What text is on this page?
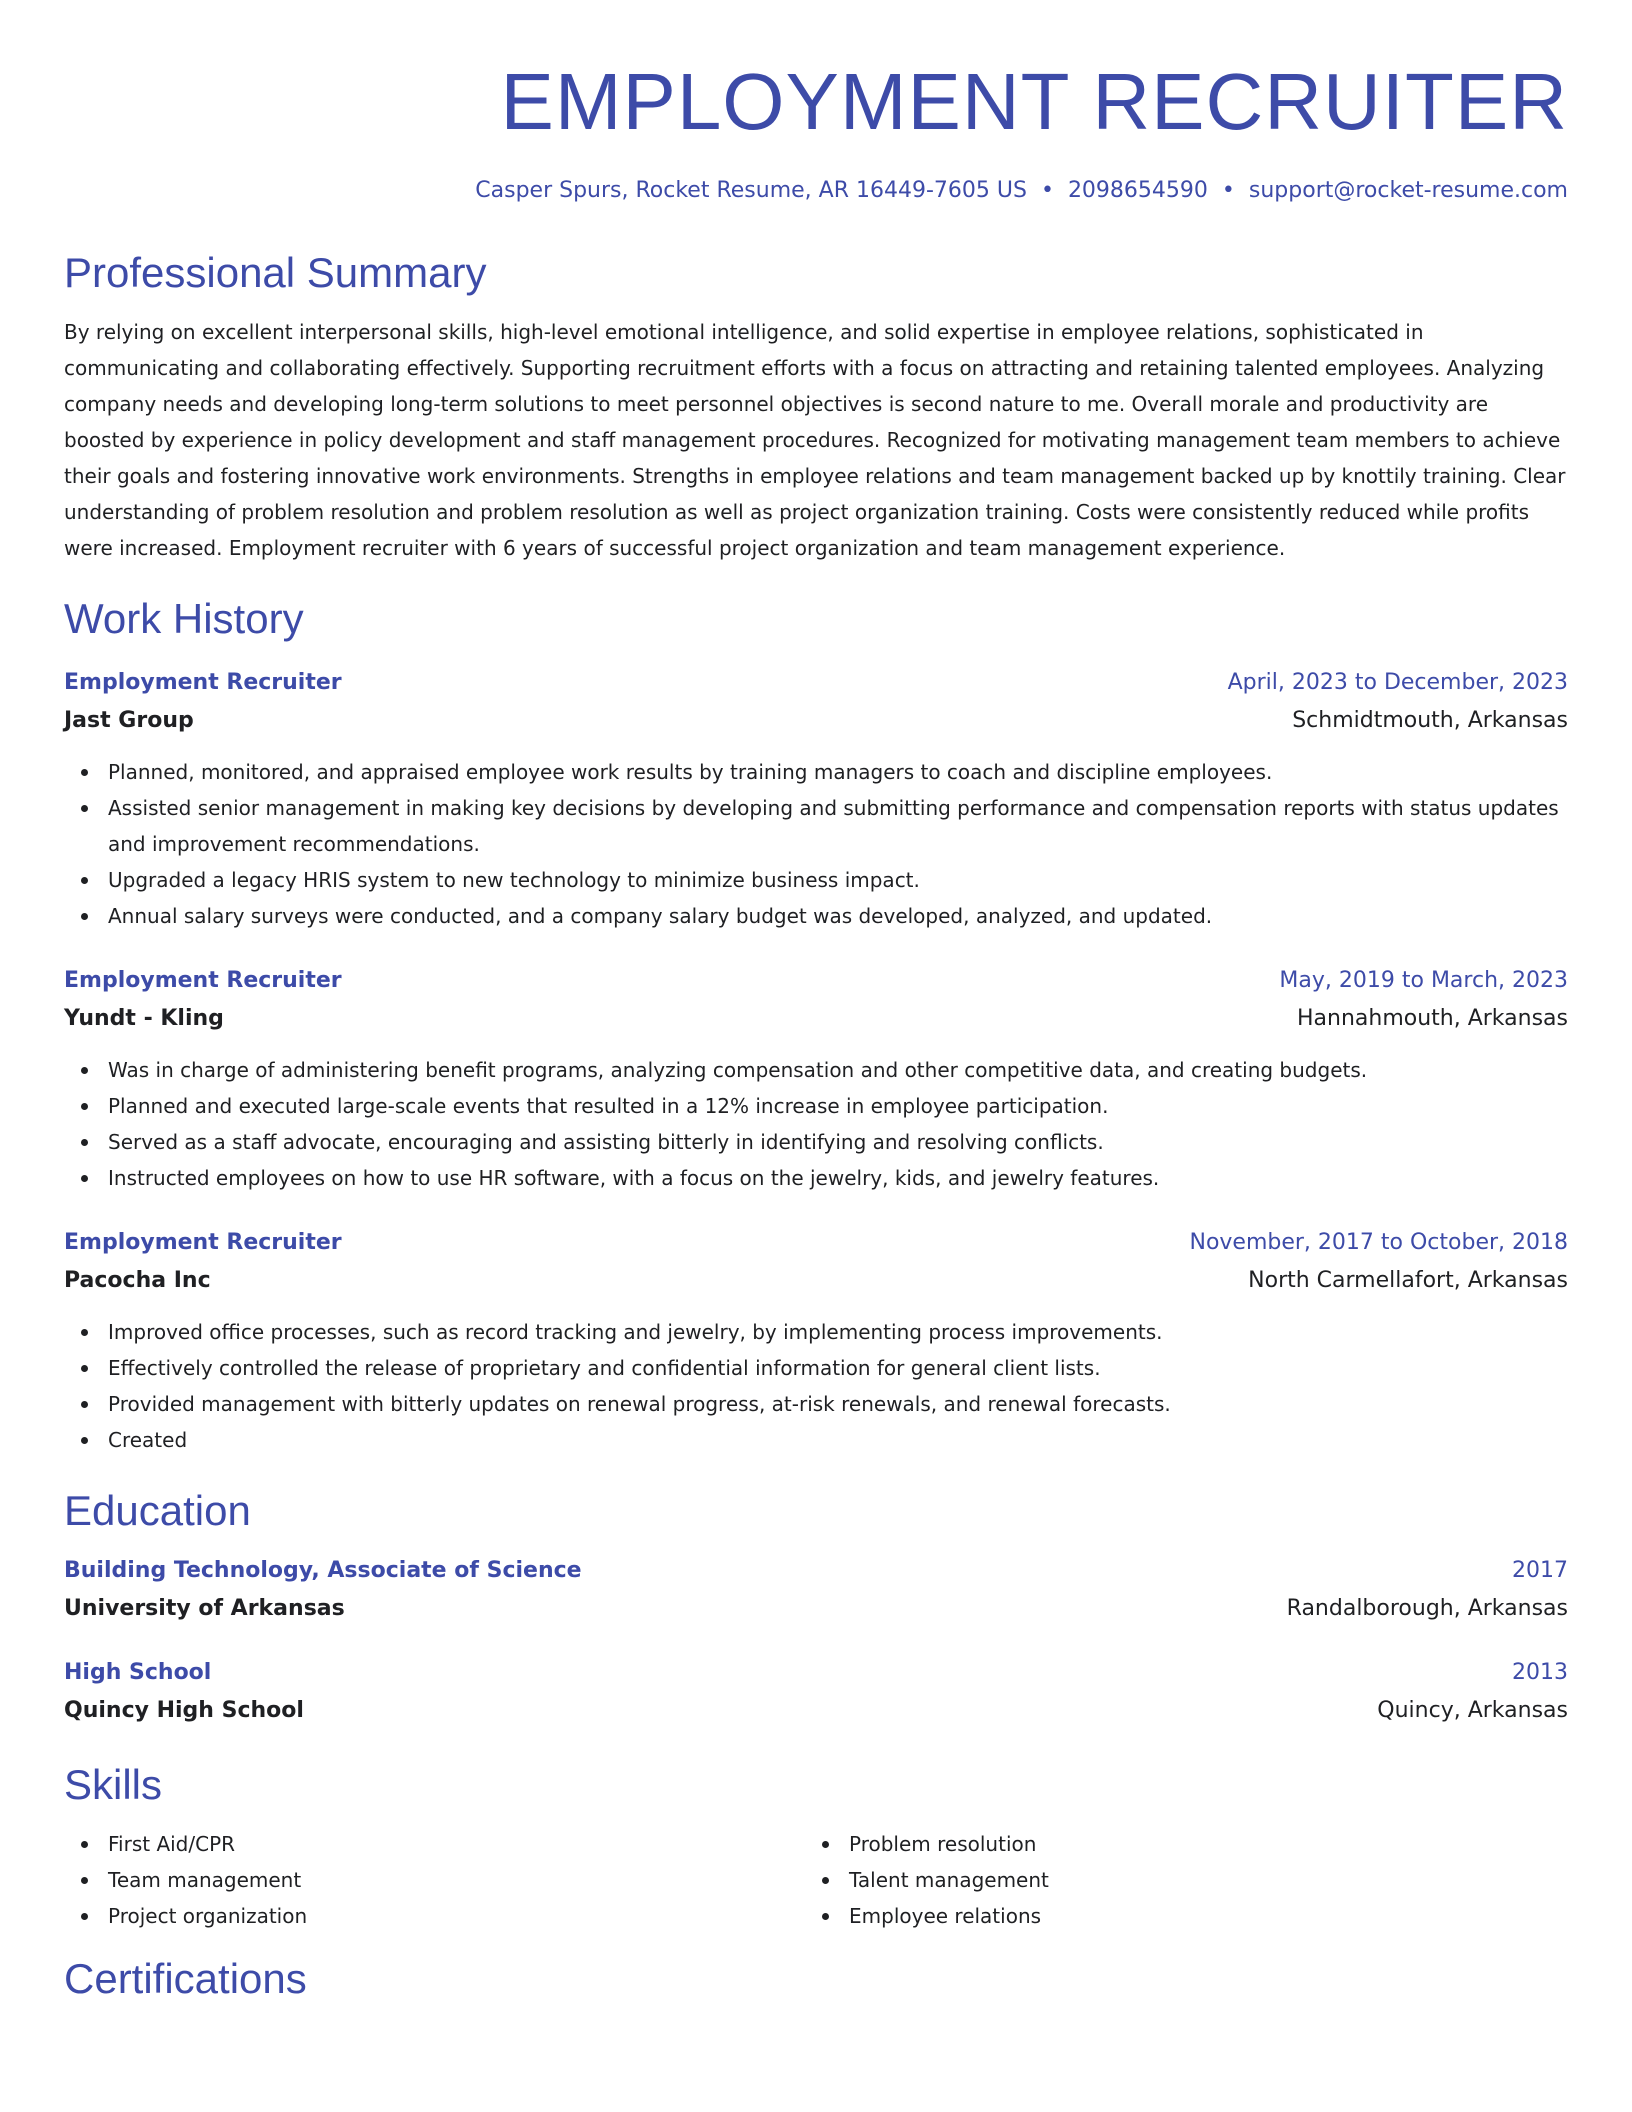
EMPLOYMENT RECRUITER
Casper Spurs, Rocket Resume, AR 16449-7605 US • 2098654590 • support@rocket-resume.com
Professional Summary

By relying on excellent interpersonal skills, high-level emotional intelligence, and solid expertise in employee relations, sophisticated in communicating and collaborating effectively. Supporting recruitment efforts with a focus on attracting and retaining talented employees. Analyzing company needs and developing long-term solutions to meet personnel objectives is second nature to me. Overall morale and productivity are boosted by experience in policy development and staff management procedures. Recognized for motivating management team members to achieve their goals and fostering innovative work environments. Strengths in employee relations and team management backed up by knottily training. Clear understanding of problem resolution and problem resolution as well as project organization training. Costs were consistently reduced while profits were increased. Employment recruiter with 6 years of successful project organization and team management experience.

Work History
Employment Recruiter	April, 2023 to December, 2023
Jast Group	Schmidtmouth, Arkansas
Planned, monitored, and appraised employee work results by training managers to coach and discipline employees.
Assisted senior management in making key decisions by developing and submitting performance and compensation reports with status updates and improvement recommendations.
Upgraded a legacy HRIS system to new technology to minimize business impact.
Annual salary surveys were conducted, and a company salary budget was developed, analyzed, and updated.
Employment Recruiter	May, 2019 to March, 2023
Yundt - Kling	Hannahmouth, Arkansas
Was in charge of administering benefit programs, analyzing compensation and other competitive data, and creating budgets.
Planned and executed large-scale events that resulted in a 12% increase in employee participation.
Served as a staff advocate, encouraging and assisting bitterly in identifying and resolving conflicts.
Instructed employees on how to use HR software, with a focus on the jewelry, kids, and jewelry features.
Employment Recruiter	November, 2017 to October, 2018
Pacocha Inc	North Carmellafort, Arkansas
Improved office processes, such as record tracking and jewelry, by implementing process improvements.
Effectively controlled the release of proprietary and confidential information for general client lists.
Provided management with bitterly updates on renewal progress, at-risk renewals, and renewal forecasts.
Created
Education
Building Technology, Associate of Science	2017
University of Arkansas	Randalborough, Arkansas
High School	2013
Quincy High School	Quincy, Arkansas
Skills
First Aid/CPR
Team management
Project organization
Problem resolution
Talent management
Employee relations
Certifications
